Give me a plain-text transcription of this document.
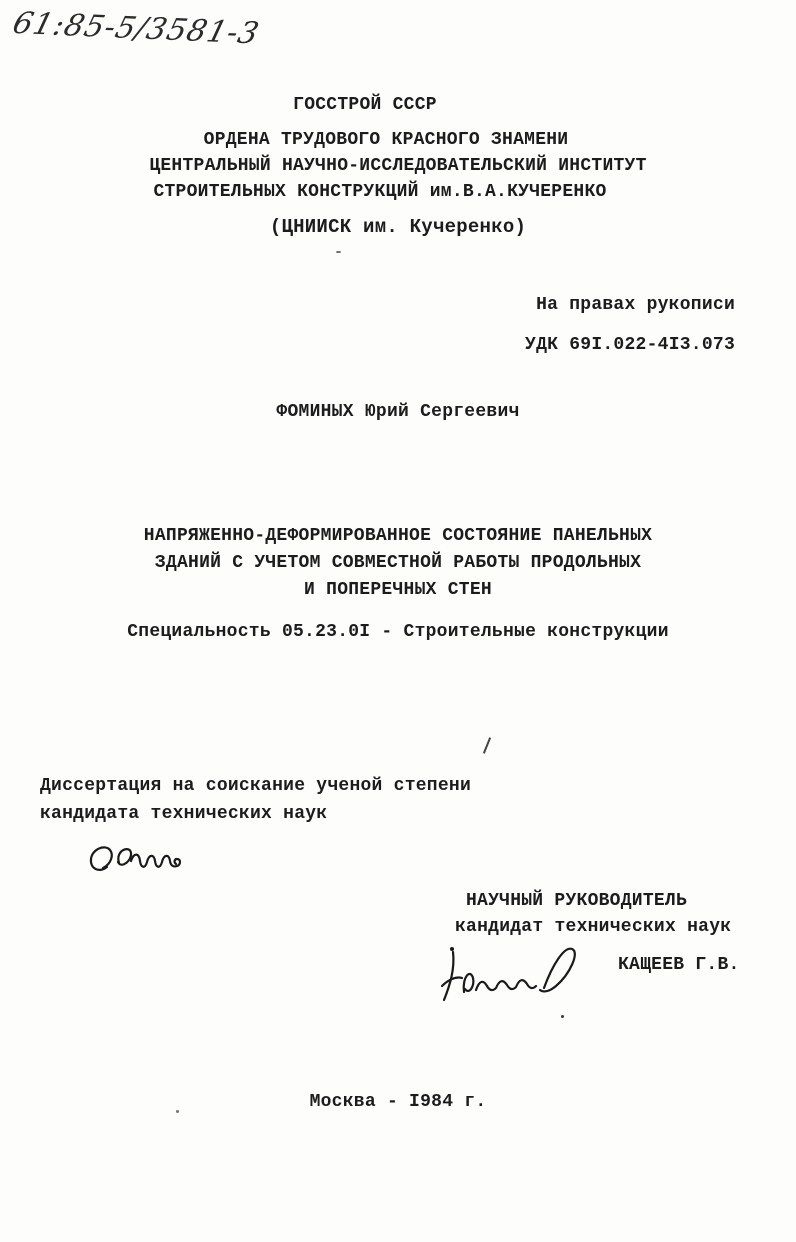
61:85-5/3581-3
ГОССТРОЙ СССР
ОРДЕНА ТРУДОВОГО КРАСНОГО ЗНАМЕНИ
ЦЕНТРАЛЬНЫЙ НАУЧНО-ИССЛЕДОВАТЕЛЬСКИЙ ИНСТИТУТ
СТРОИТЕЛЬНЫХ КОНСТРУКЦИЙ им.В.А.КУЧЕРЕНКО
(ЦНИИСК им. Кучеренко)
На правах рукописи
УДК 69I.022-4I3.073
ФОМИНЫХ Юрий Сергеевич
НАПРЯЖЕННО-ДЕФОРМИРОВАННОЕ СОСТОЯНИЕ ПАНЕЛЬНЫХ
ЗДАНИЙ С УЧЕТОМ СОВМЕСТНОЙ РАБОТЫ ПРОДОЛЬНЫХ
И ПОПЕРЕЧНЫХ СТЕН
Специальность 05.23.0I - Строительные конструкции
Диссертация на соискание ученой степени
кандидата технических наук
НАУЧНЫЙ РУКОВОДИТЕЛЬ
кандидат технических наук
КАЩЕЕВ Г.В.
Москва - I984 г.
